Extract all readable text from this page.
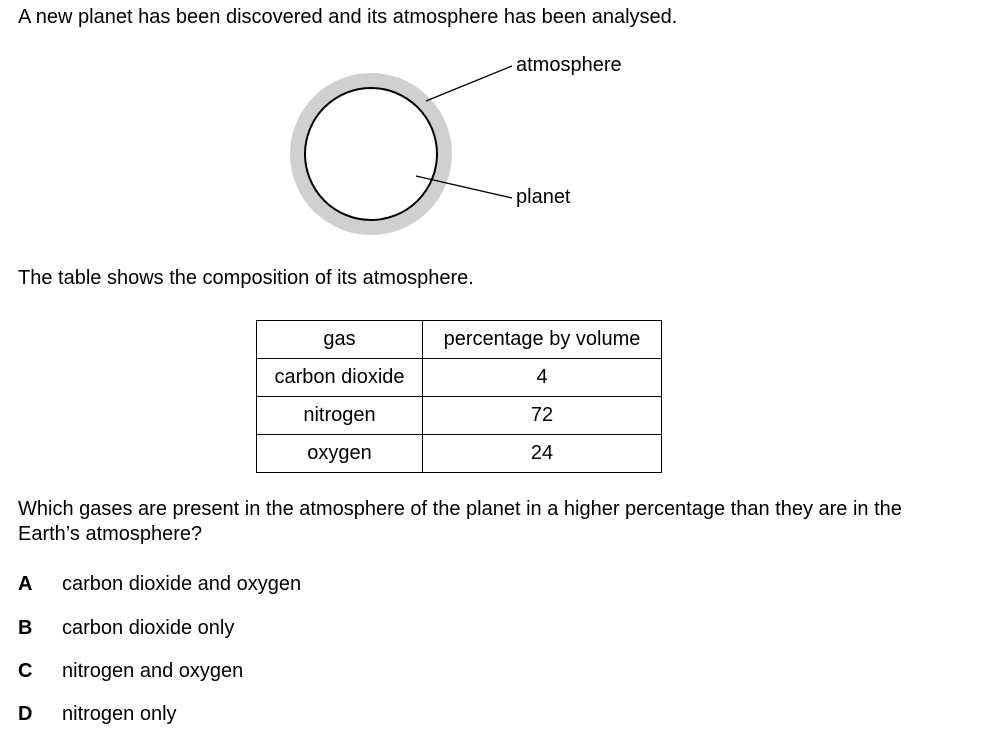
A new planet has been discovered and its atmosphere has been analysed.
atmosphere
planet
The table shows the composition of its atmosphere.
gas	percentage by volume
carbon dioxide	4
nitrogen	72
oxygen	24
Which gases are present in the atmosphere of the planet in a higher percentage than they are in the Earth’s atmosphere?
A carbon dioxide and oxygen
B carbon dioxide only
C nitrogen and oxygen
D nitrogen only
